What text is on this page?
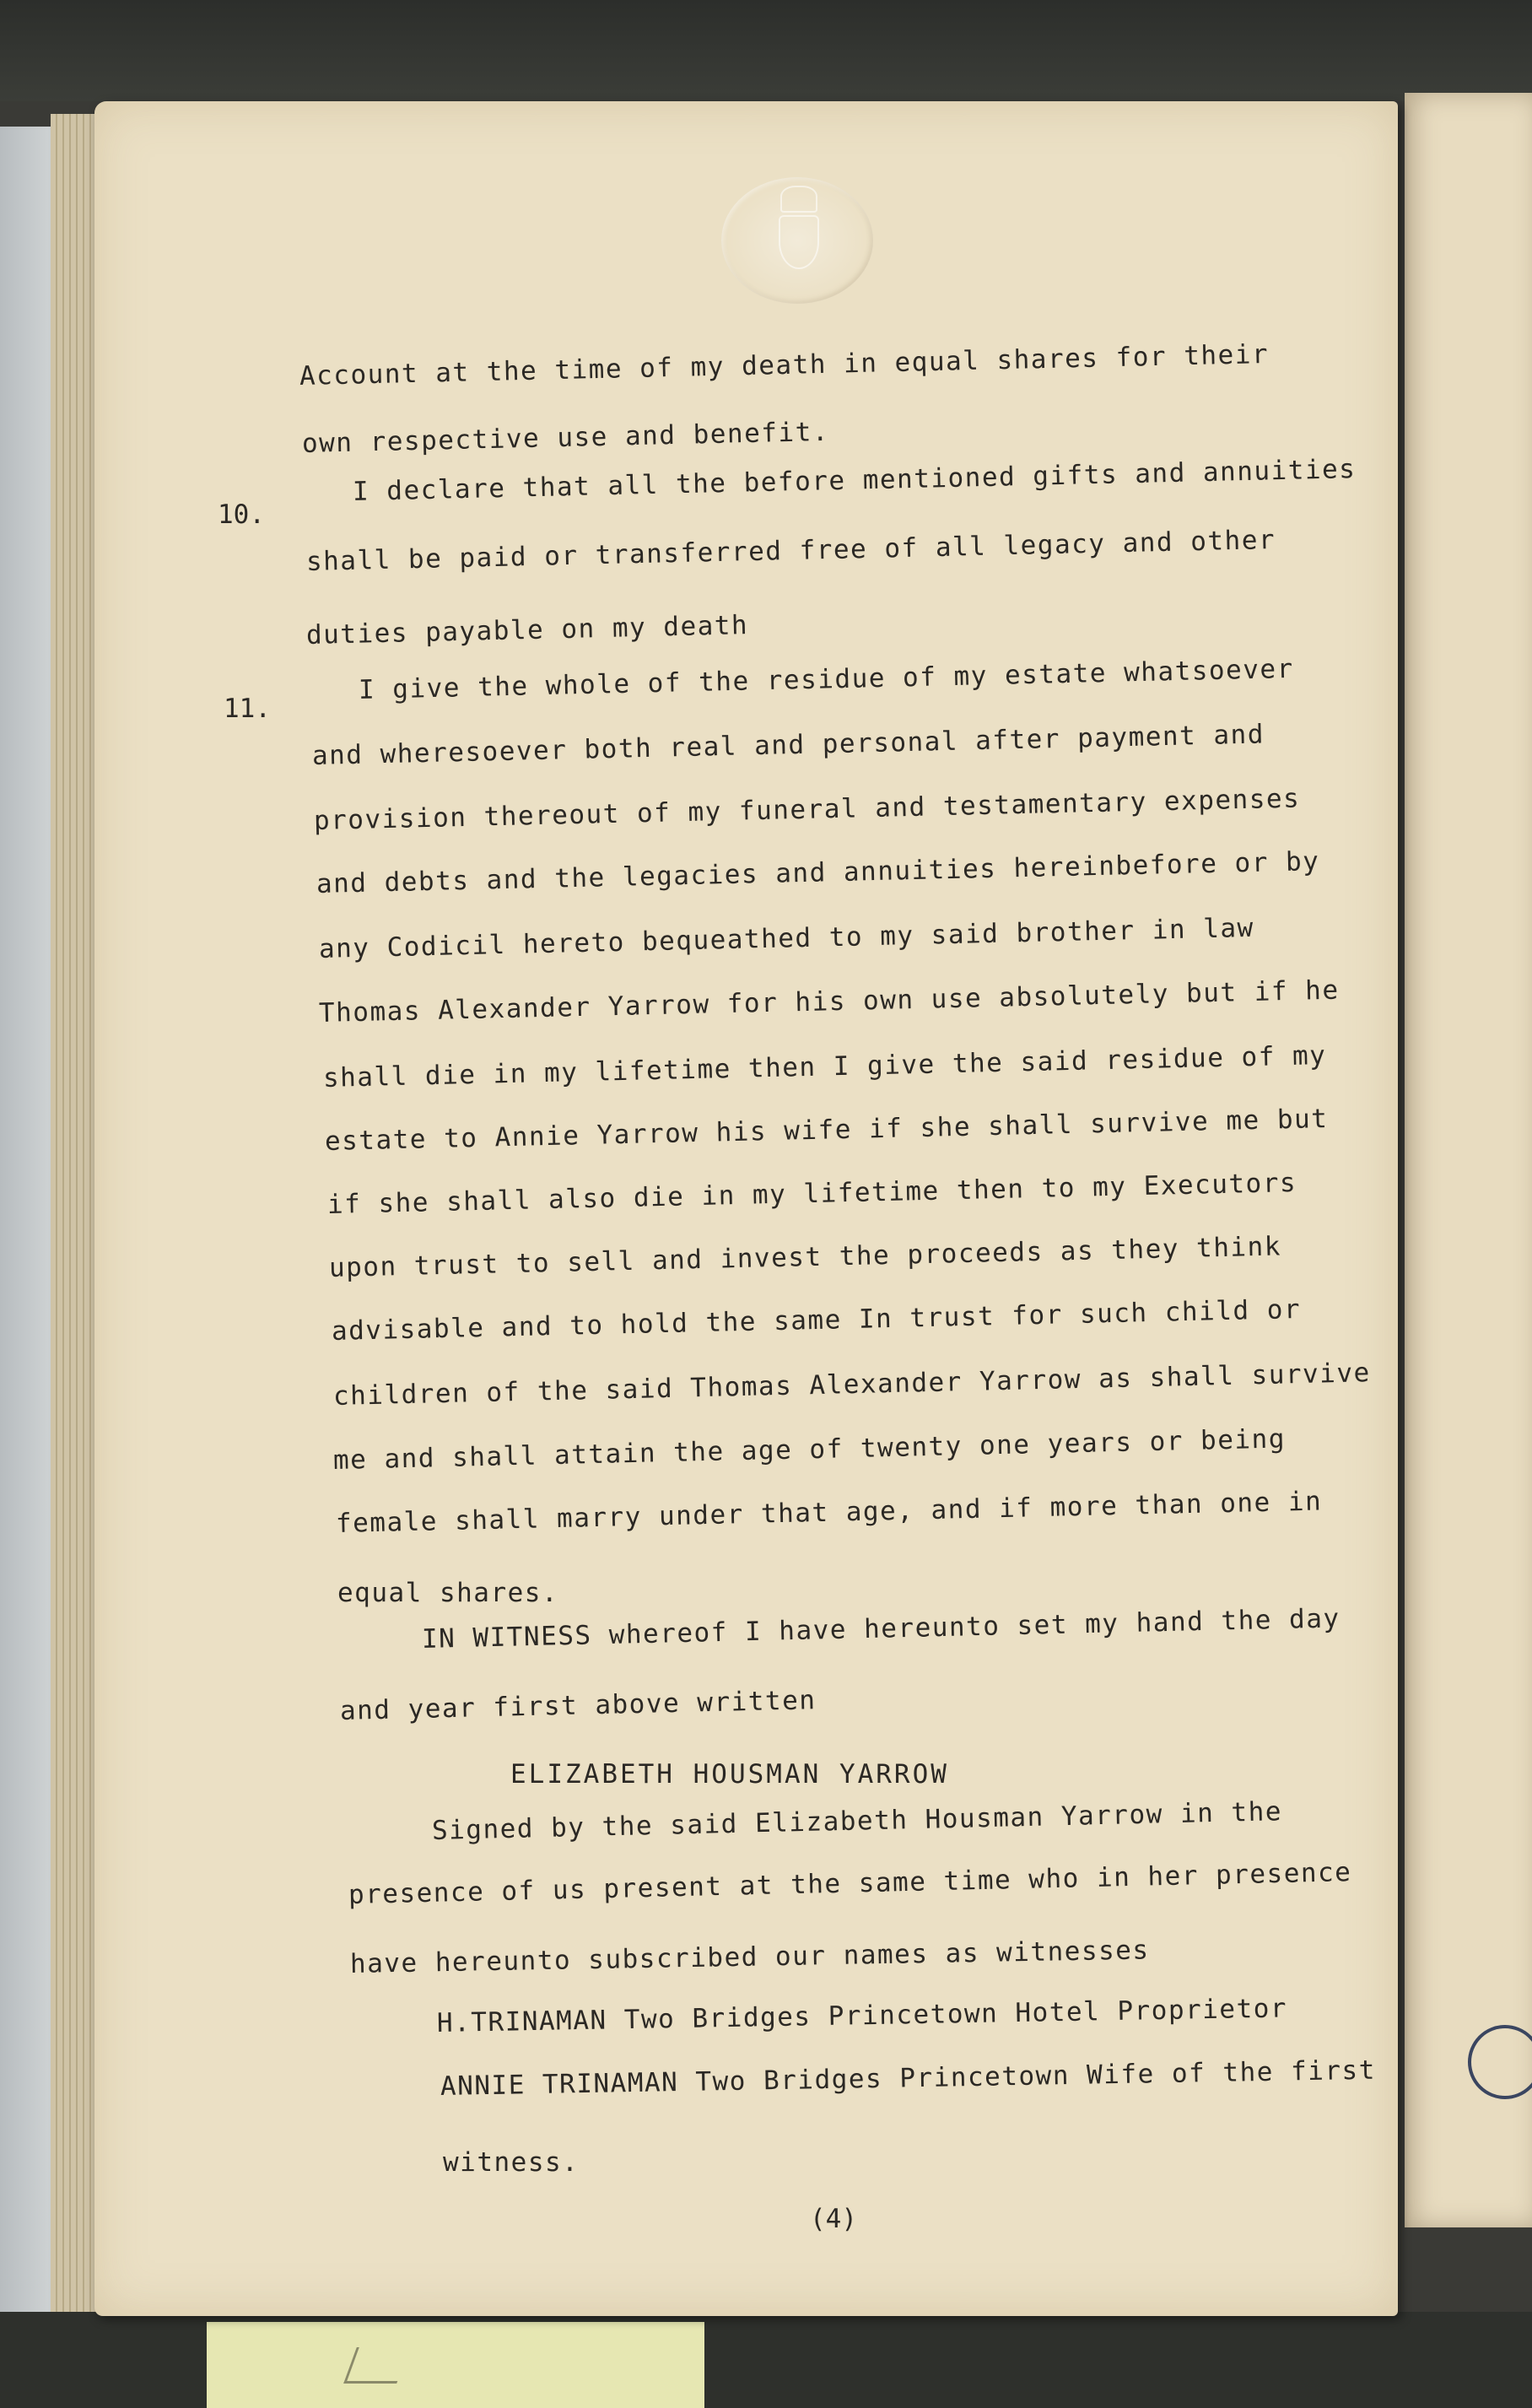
10.
11.
Account at the time of my death in equal shares for their
own respective use and benefit.
I declare that all the before mentioned gifts and annuities
shall be paid or transferred free of all legacy and other
duties payable on my death
I give the whole of the residue of my estate whatsoever
and wheresoever both real and personal after payment and
provision thereout of my funeral and testamentary expenses
and debts and the legacies and annuities hereinbefore or by
any Codicil hereto bequeathed to my said brother in law
Thomas Alexander Yarrow for his own use absolutely but if he
shall die in my lifetime then I give the said residue of my
estate to Annie Yarrow his wife if she shall survive me but
if she shall also die in my lifetime then to my Executors
upon trust to sell and invest the proceeds as they think
advisable and to hold the same In trust for such child or
children of the said Thomas Alexander Yarrow as shall survive
me and shall attain the age of twenty one years or being
female shall marry under that age, and if more than one in
equal shares.
IN WITNESS whereof I have hereunto set my hand the day
and year first above written
ELIZABETH HOUSMAN YARROW
Signed by the said Elizabeth Housman Yarrow in the
presence of us present at the same time who in her presence
have hereunto subscribed our names as witnesses
H.TRINAMAN Two Bridges Princetown Hotel Proprietor
ANNIE TRINAMAN Two Bridges Princetown Wife of the first
witness.
(4)
